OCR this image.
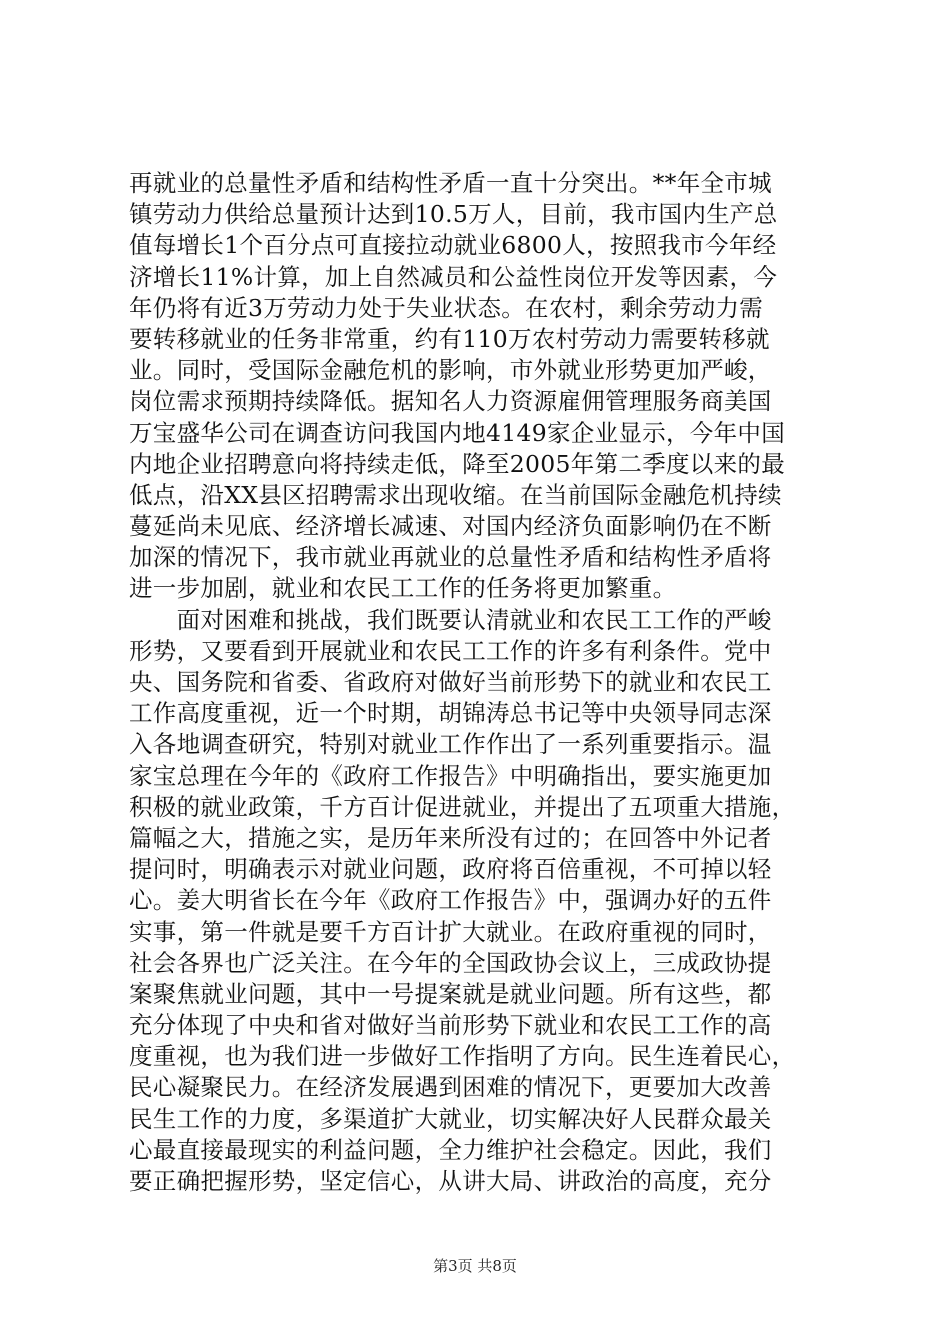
再就业的总量性矛盾和结构性矛盾一直十分突出。**年全市城
镇劳动力供给总量预计达到10.5万人，目前，我市国内生产总
值每增长1个百分点可直接拉动就业6800人，按照我市今年经
济增长11%计算，加上自然减员和公益性岗位开发等因素，今
年仍将有近3万劳动力处于失业状态。在农村，剩余劳动力需
要转移就业的任务非常重，约有110万农村劳动力需要转移就
业。同时，受国际金融危机的影响，市外就业形势更加严峻，
岗位需求预期持续降低。据知名人力资源雇佣管理服务商美国
万宝盛华公司在调查访问我国内地4149家企业显示，今年中国
内地企业招聘意向将持续走低，降至2005年第二季度以来的最
低点，沿XX县区招聘需求出现收缩。在当前国际金融危机持续
蔓延尚未见底、经济增长减速、对国内经济负面影响仍在不断
加深的情况下，我市就业再就业的总量性矛盾和结构性矛盾将
进一步加剧，就业和农民工工作的任务将更加繁重。
　　面对困难和挑战，我们既要认清就业和农民工工作的严峻
形势，又要看到开展就业和农民工工作的许多有利条件。党中
央、国务院和省委、省政府对做好当前形势下的就业和农民工
工作高度重视，近一个时期，胡锦涛总书记等中央领导同志深
入各地调查研究，特别对就业工作作出了一系列重要指示。温
家宝总理在今年的《政府工作报告》中明确指出，要实施更加
积极的就业政策，千方百计促进就业，并提出了五项重大措施，
篇幅之大，措施之实，是历年来所没有过的；在回答中外记者
提问时，明确表示对就业问题，政府将百倍重视，不可掉以轻
心。姜大明省长在今年《政府工作报告》中，强调办好的五件
实事，第一件就是要千方百计扩大就业。在政府重视的同时，
社会各界也广泛关注。在今年的全国政协会议上，三成政协提
案聚焦就业问题，其中一号提案就是就业问题。所有这些，都
充分体现了中央和省对做好当前形势下就业和农民工工作的高
度重视，也为我们进一步做好工作指明了方向。民生连着民心，
民心凝聚民力。在经济发展遇到困难的情况下，更要加大改善
民生工作的力度，多渠道扩大就业，切实解决好人民群众最关
心最直接最现实的利益问题，全力维护社会稳定。因此，我们
要正确把握形势，坚定信心，从讲大局、讲政治的高度，充分
第3页 共8页
